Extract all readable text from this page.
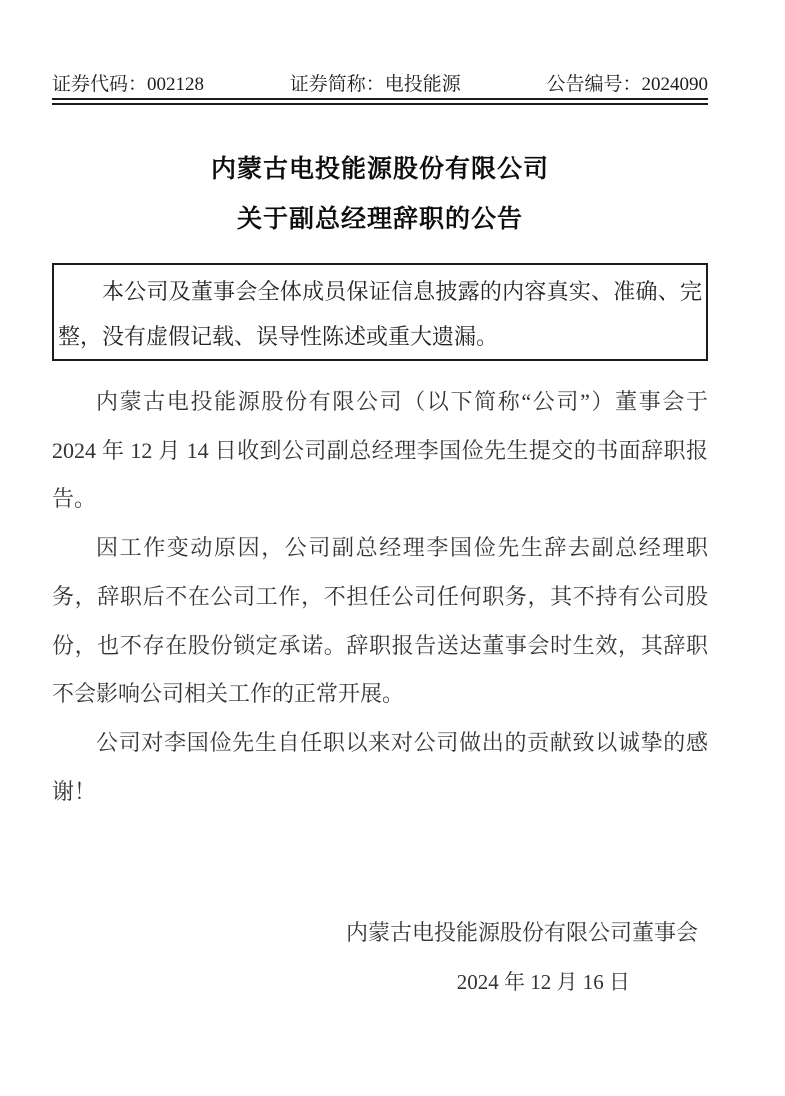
证券代码：002128	证券简称：电投能源	公告编号：2024090
内蒙古电投能源股份有限公司
关于副总经理辞职的公告
本公司及董事会全体成员保证信息披露的内容真实、准确、完整，没有虚假记载、误导性陈述或重大遗漏。

内蒙古电投能源股份有限公司（以下简称“公司”）董事会于 2024 年 12 月 14 日收到公司副总经理李国俭先生提交的书面辞职报告。

因工作变动原因，公司副总经理李国俭先生辞去副总经理职务，辞职后不在公司工作，不担任公司任何职务，其不持有公司股份，也不存在股份锁定承诺。辞职报告送达董事会时生效，其辞职不会影响公司相关工作的正常开展。

公司对李国俭先生自任职以来对公司做出的贡献致以诚挚的感谢！

内蒙古电投能源股份有限公司董事会
2024 年 12 月 16 日
